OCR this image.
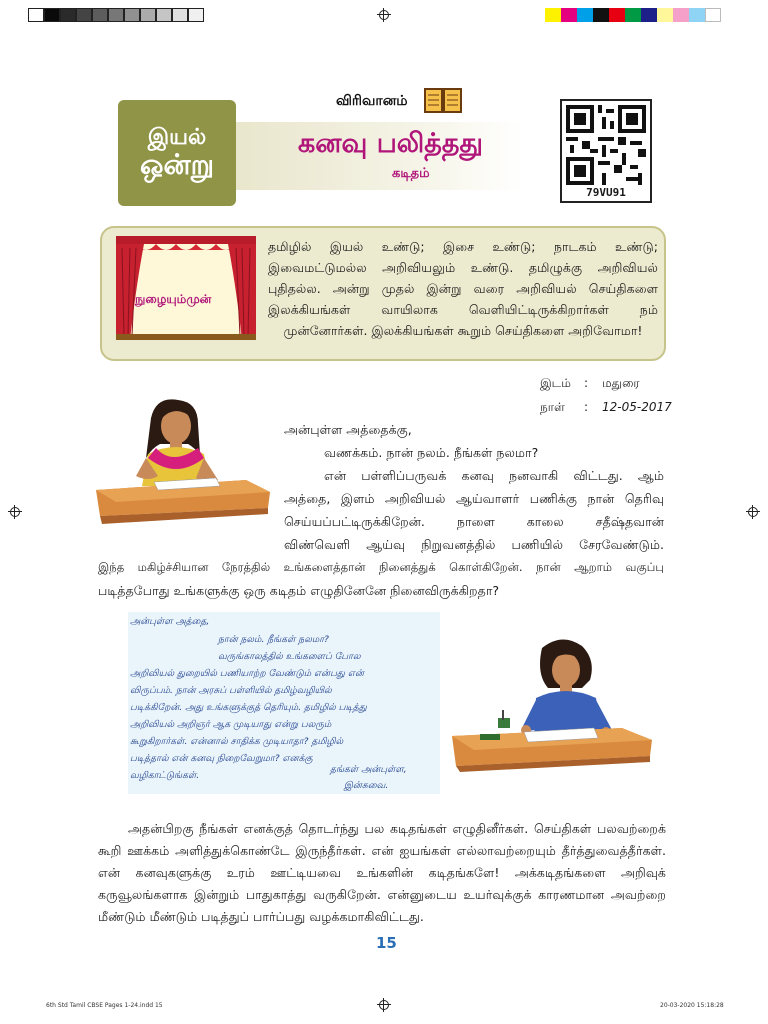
இயல்
ஒன்று
விரிவானம்
கனவு பலித்தது
கடிதம்
79VU91
நுழையும்முன்
தமிழில் இயல் உண்டு; இசை உண்டு; நாடகம் உண்டு; இவைமட்டுமல்ல அறிவியலும் உண்டு. தமிழுக்கு அறிவியல் புதிதல்ல. அன்று முதல் இன்று வரை அறிவியல் செய்திகளை இலக்கியங்கள் வாயிலாக வெளியிட்டிருக்கிறார்கள் நம் முன்னோர்கள். இலக்கியங்கள் கூறும் செய்திகளை அறிவோமா!
இடம் : மதுரை
நாள் : 12-05-2017
அன்புள்ள அத்தைக்கு,
வணக்கம். நான் நலம். நீங்கள் நலமா?
என் பள்ளிப்பருவக் கனவு நனவாகி விட்டது. ஆம்
அத்தை, இளம் அறிவியல் ஆய்வாளர் பணிக்கு நான் தெரிவு
செய்யப்பட்டிருக்கிறேன். நாளை காலை சதீஷ்தவான்
விண்வெளி ஆய்வு நிறுவனத்தில் பணியில் சேரவேண்டும்.
இந்த மகிழ்ச்சியான நேரத்தில் உங்களைத்தான் நினைத்துக் கொள்கிறேன். நான் ஆறாம் வகுப்பு
படித்தபோது உங்களுக்கு ஒரு கடிதம் எழுதினேனே நினைவிருக்கிறதா?
அன்புள்ள அத்தை,
நான் நலம். நீங்கள் நலமா?
வருங்காலத்தில் உங்களைப் போல
அறிவியல் துறையில் பணியாற்ற வேண்டும் என்பது என்
விருப்பம். நான் அரசுப் பள்ளியில் தமிழ்வழியில்
படிக்கிறேன். அது உங்களுக்குத் தெரியும். தமிழில் படித்து
அறிவியல் அறிஞர் ஆக முடியாது என்று பலரும்
கூறுகிறார்கள். என்னால் சாதிக்க முடியாதா? தமிழில்
படித்தால் என் கனவு நிறைவேறுமா? எனக்கு
வழிகாட்டுங்கள்.
தங்கள் அன்புள்ள,
இன்சுவை.
அதன்பிறகு நீங்கள் எனக்குத் தொடர்ந்து பல கடிதங்கள் எழுதினீர்கள். செய்திகள் பலவற்றைக் கூறி ஊக்கம் அளித்துக்கொண்டே இருந்தீர்கள். என் ஐயங்கள் எல்லாவற்றையும் தீர்த்துவைத்தீர்கள். என் கனவுகளுக்கு உரம் ஊட்டியவை உங்களின் கடிதங்களே! அக்கடிதங்களை அறிவுக் கருவூலங்களாக இன்றும் பாதுகாத்து வருகிறேன். என்னுடைய உயர்வுக்குக் காரணமான அவற்றை மீண்டும் மீண்டும் படித்துப் பார்ப்பது வழக்கமாகிவிட்டது.
15
6th Std Tamil CBSE Pages 1-24.indd 15	20-03-2020 15:18:28
